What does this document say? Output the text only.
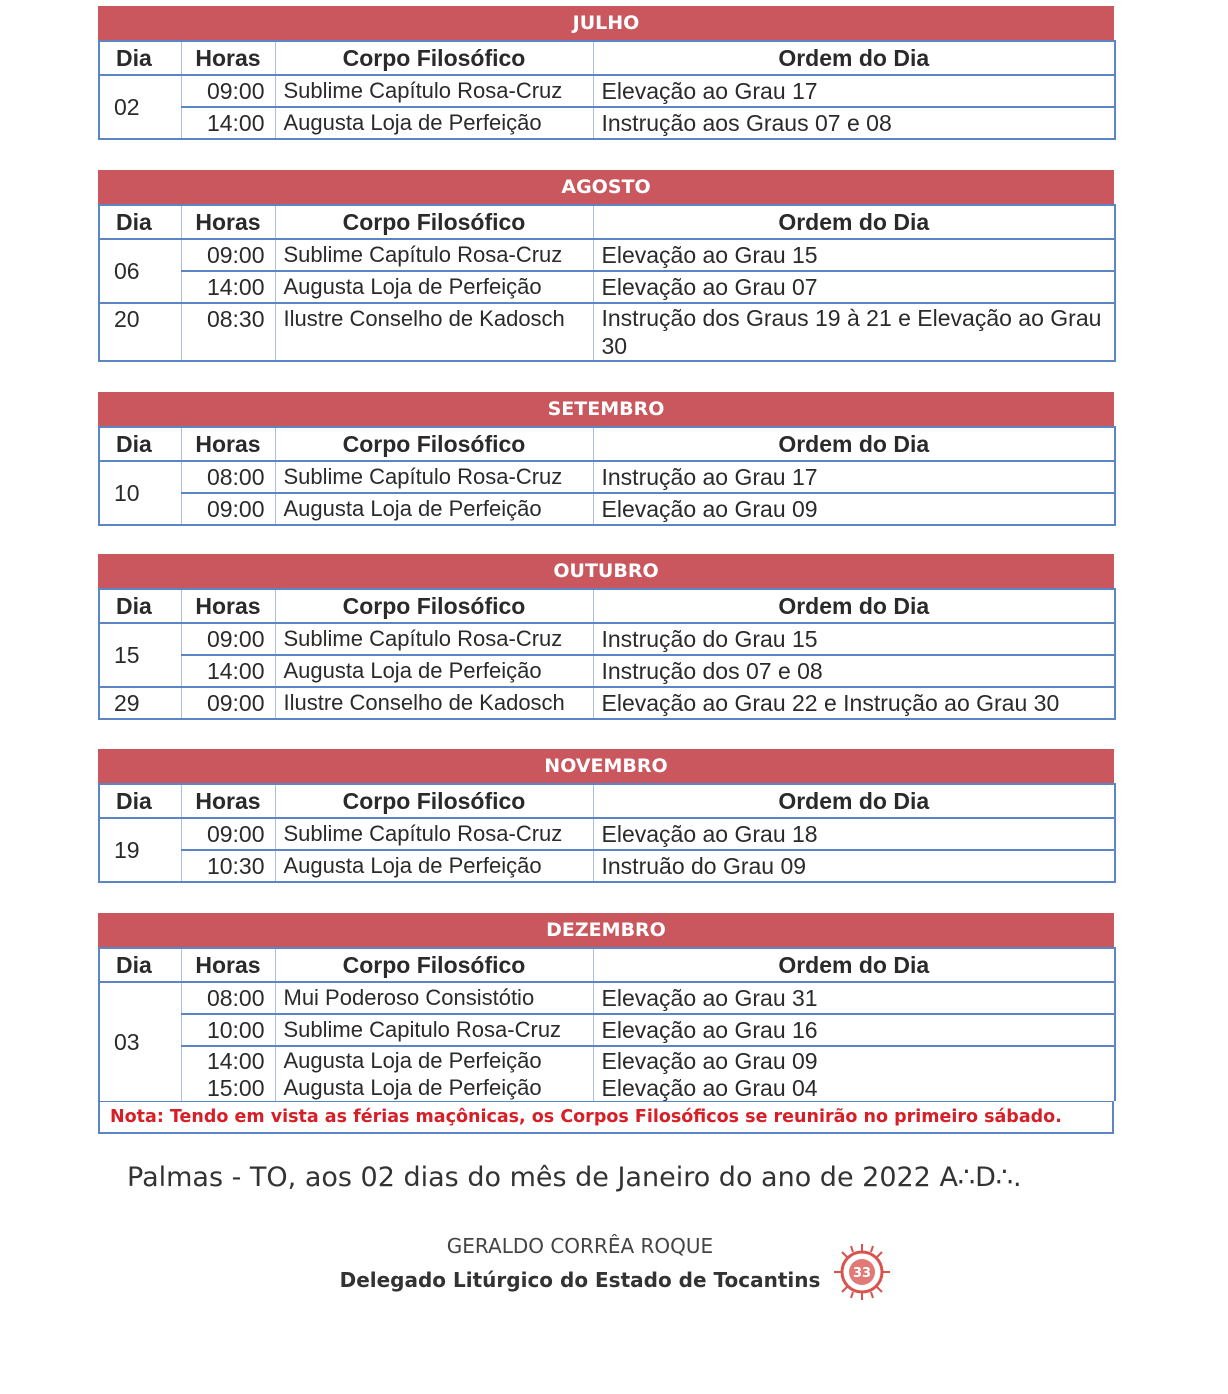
JULHO
Dia	Horas	Corpo Filosófico	Ordem do Dia
02	09:00	Sublime Capítulo Rosa-Cruz	Elevação ao Grau 17
	14:00	Augusta Loja de Perfeição	Instrução aos Graus 07 e 08
AGOSTO
Dia	Horas	Corpo Filosófico	Ordem do Dia
06	09:00	Sublime Capítulo Rosa-Cruz	Elevação ao Grau 15
	14:00	Augusta Loja de Perfeição	Elevação ao Grau 07
20	08:30	Ilustre Conselho de Kadosch	Instrução dos Graus 19 à 21 e Elevação ao Grau 30
SETEMBRO
Dia	Horas	Corpo Filosófico	Ordem do Dia
10	08:00	Sublime Capítulo Rosa-Cruz	Instrução ao Grau 17
	09:00	Augusta Loja de Perfeição	Elevação ao Grau 09
OUTUBRO
Dia	Horas	Corpo Filosófico	Ordem do Dia
15	09:00	Sublime Capítulo Rosa-Cruz	Instrução do Grau 15
	14:00	Augusta Loja de Perfeição	Instrução dos 07 e 08
29	09:00	Ilustre Conselho de Kadosch	Elevação ao Grau 22 e Instrução ao Grau 30
NOVEMBRO
Dia	Horas	Corpo Filosófico	Ordem do Dia
19	09:00	Sublime Capítulo Rosa-Cruz	Elevação ao Grau 18
	10:30	Augusta Loja de Perfeição	Instruão do Grau 09
DEZEMBRO
Dia	Horas	Corpo Filosófico	Ordem do Dia
03	08:00	Mui Poderoso Consistótio	Elevação ao Grau 31
	10:00	Sublime Capitulo Rosa-Cruz	Elevação ao Grau 16
	14:00	Augusta Loja de Perfeição	Elevação ao Grau 09
	15:00	Augusta Loja de Perfeição	Elevação ao Grau 04
Nota: Tendo em vista as férias maçônicas, os Corpos Filosóficos se reunirão no primeiro sábado.
Palmas - TO, aos 02 dias do mês de Janeiro do ano de 2022 A∴D∴.
GERALDO CORRÊA ROQUE
Delegado Litúrgico do Estado de Tocantins	33
